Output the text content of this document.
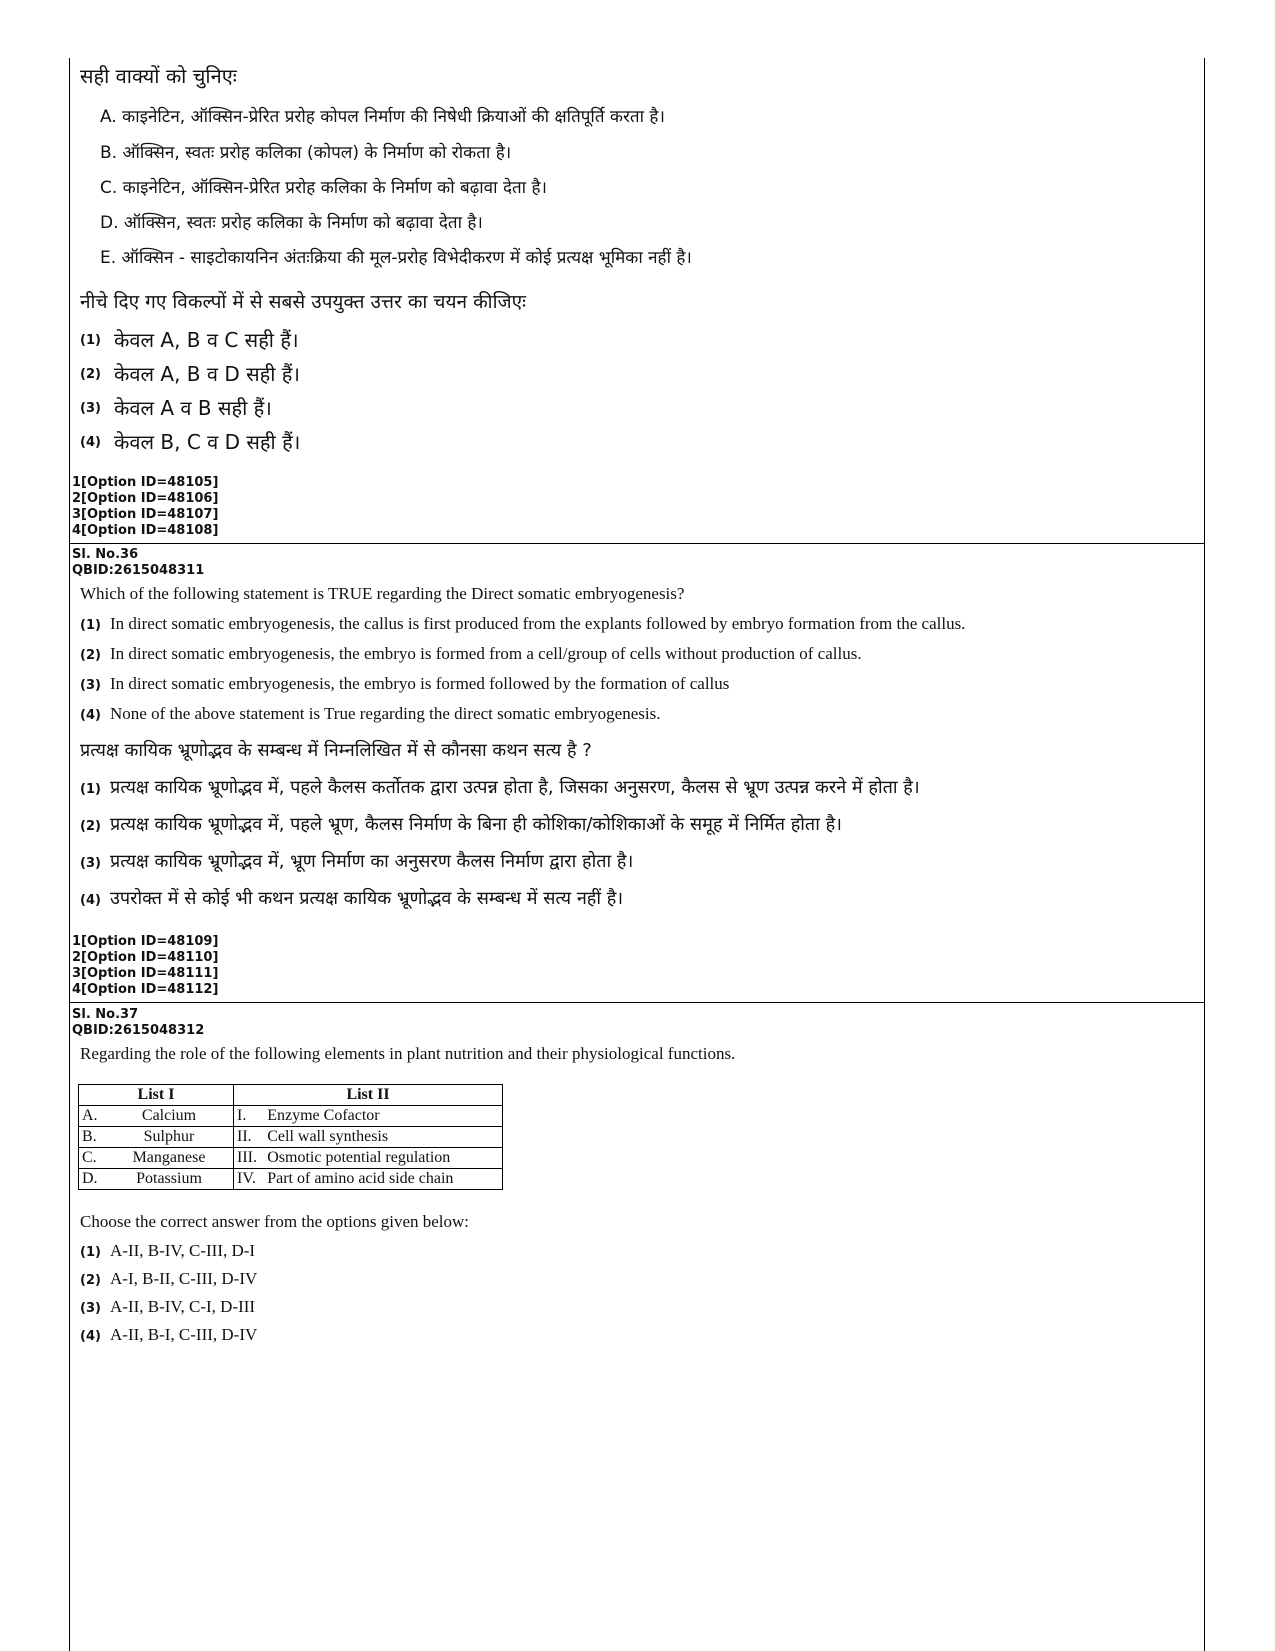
सही वाक्यों को चुनिएः
A. काइनेटिन, ऑक्सिन-प्रेरित प्ररोह कोपल निर्माण की निषेधी क्रियाओं की क्षतिपूर्ति करता है।
B. ऑक्सिन, स्वतः प्ररोह कलिका (कोपल) के निर्माण को रोकता है।
C. काइनेटिन, ऑक्सिन-प्रेरित प्ररोह कलिका के निर्माण को बढ़ावा देता है।
D. ऑक्सिन, स्वतः प्ररोह कलिका के निर्माण को बढ़ावा देता है।
E. ऑक्सिन - साइटोकायनिन अंतःक्रिया की मूल-प्ररोह विभेदीकरण में कोई प्रत्यक्ष भूमिका नहीं है।
नीचे दिए गए विकल्पों में से सबसे उपयुक्त उत्तर का चयन कीजिएः
(1) केवल A, B व C सही हैं।
(2) केवल A, B व D सही हैं।
(3) केवल A व B सही हैं।
(4) केवल B, C व D सही हैं।
1[Option ID=48105]
2[Option ID=48106]
3[Option ID=48107]
4[Option ID=48108]
Sl. No.36
QBID:2615048311
Which of the following statement is TRUE regarding the Direct somatic embryogenesis?
(1) In direct somatic embryogenesis, the callus is first produced from the explants followed by embryo formation from the callus.
(2) In direct somatic embryogenesis, the embryo is formed from a cell/group of cells without production of callus.
(3) In direct somatic embryogenesis, the embryo is formed followed by the formation of callus
(4) None of the above statement is True regarding the direct somatic embryogenesis.
प्रत्यक्ष कायिक भ्रूणोद्भव के सम्बन्ध में निम्नलिखित में से कौनसा कथन सत्य है ?
(1) प्रत्यक्ष कायिक भ्रूणोद्भव में, पहले कैलस कर्तोतक द्वारा उत्पन्न होता है, जिसका अनुसरण, कैलस से भ्रूण उत्पन्न करने में होता है।
(2) प्रत्यक्ष कायिक भ्रूणोद्भव में, पहले भ्रूण, कैलस निर्माण के बिना ही कोशिका/कोशिकाओं के समूह में निर्मित होता है।
(3) प्रत्यक्ष कायिक भ्रूणोद्भव में, भ्रूण निर्माण का अनुसरण कैलस निर्माण द्वारा होता है।
(4) उपरोक्त में से कोई भी कथन प्रत्यक्ष कायिक भ्रूणोद्भव के सम्बन्ध में सत्य नहीं है।
1[Option ID=48109]
2[Option ID=48110]
3[Option ID=48111]
4[Option ID=48112]
Sl. No.37
QBID:2615048312
Regarding the role of the following elements in plant nutrition and their physiological functions.
List I		List II	
A.	Calcium	I.	Enzyme Cofactor
B.	Sulphur	II.	Cell wall synthesis
C.	Manganese	III.	Osmotic potential regulation
D.	Potassium	IV.	Part of amino acid side chain
Choose the correct answer from the options given below:
(1) A-II, B-IV, C-III, D-I
(2) A-I, B-II, C-III, D-IV
(3) A-II, B-IV, C-I, D-III
(4) A-II, B-I, C-III, D-IV
